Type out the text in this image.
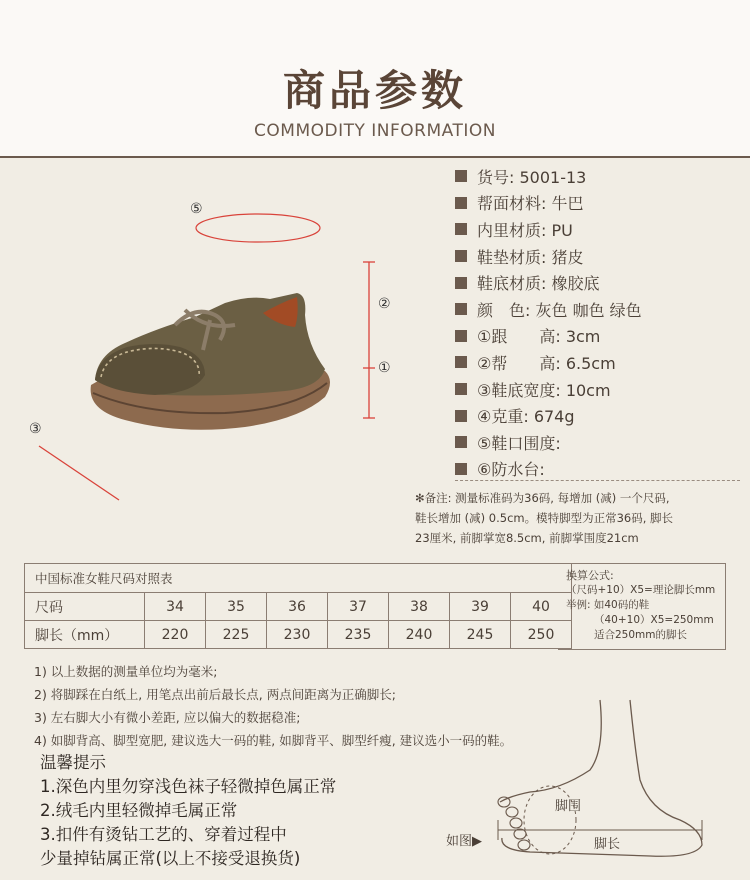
商品参数
COMMODITY INFORMATION
⑤
②
①
③
货号: 5001-13
帮面材料: 牛巴
内里材质: PU
鞋垫材质: 猪皮
鞋底材质: 橡胶底
颜　色: 灰色 咖色 绿色
①跟　　高: 3cm
②帮　　高: 6.5cm
③鞋底宽度: 10cm
④克重: 674g
⑤鞋口围度:
⑥防水台:
✻备注: 测量标准码为36码, 每增加 (减) 一个尺码,
鞋长增加 (减) 0.5cm。模特脚型为正常36码, 脚长
23厘米, 前脚掌宽8.5cm, 前脚掌围度21cm
中国标准女鞋尺码对照表							
尺码	34	35	36	37	38	39	40
脚长（mm）	220	225	230	235	240	245	250
换算公式:
（尺码+10）X5=理论脚长mm
举例: 如40码的鞋
（40+10）X5=250mm
适合250mm的脚长
1) 以上数据的测量单位均为毫米;
2) 将脚踩在白纸上, 用笔点出前后最长点, 两点间距离为正确脚长;
3) 左右脚大小有微小差距, 应以偏大的数据稳准;
4) 如脚背高、脚型宽肥, 建议选大一码的鞋, 如脚背平、脚型纤瘦, 建议选小一码的鞋。
温馨提示
1.深色内里勿穿浅色袜子轻微掉色属正常
2.绒毛内里轻微掉毛属正常
3.扣件有烫钻工艺的、穿着过程中
少量掉钻属正常(以上不接受退换货)
如图▶
脚围
脚长
